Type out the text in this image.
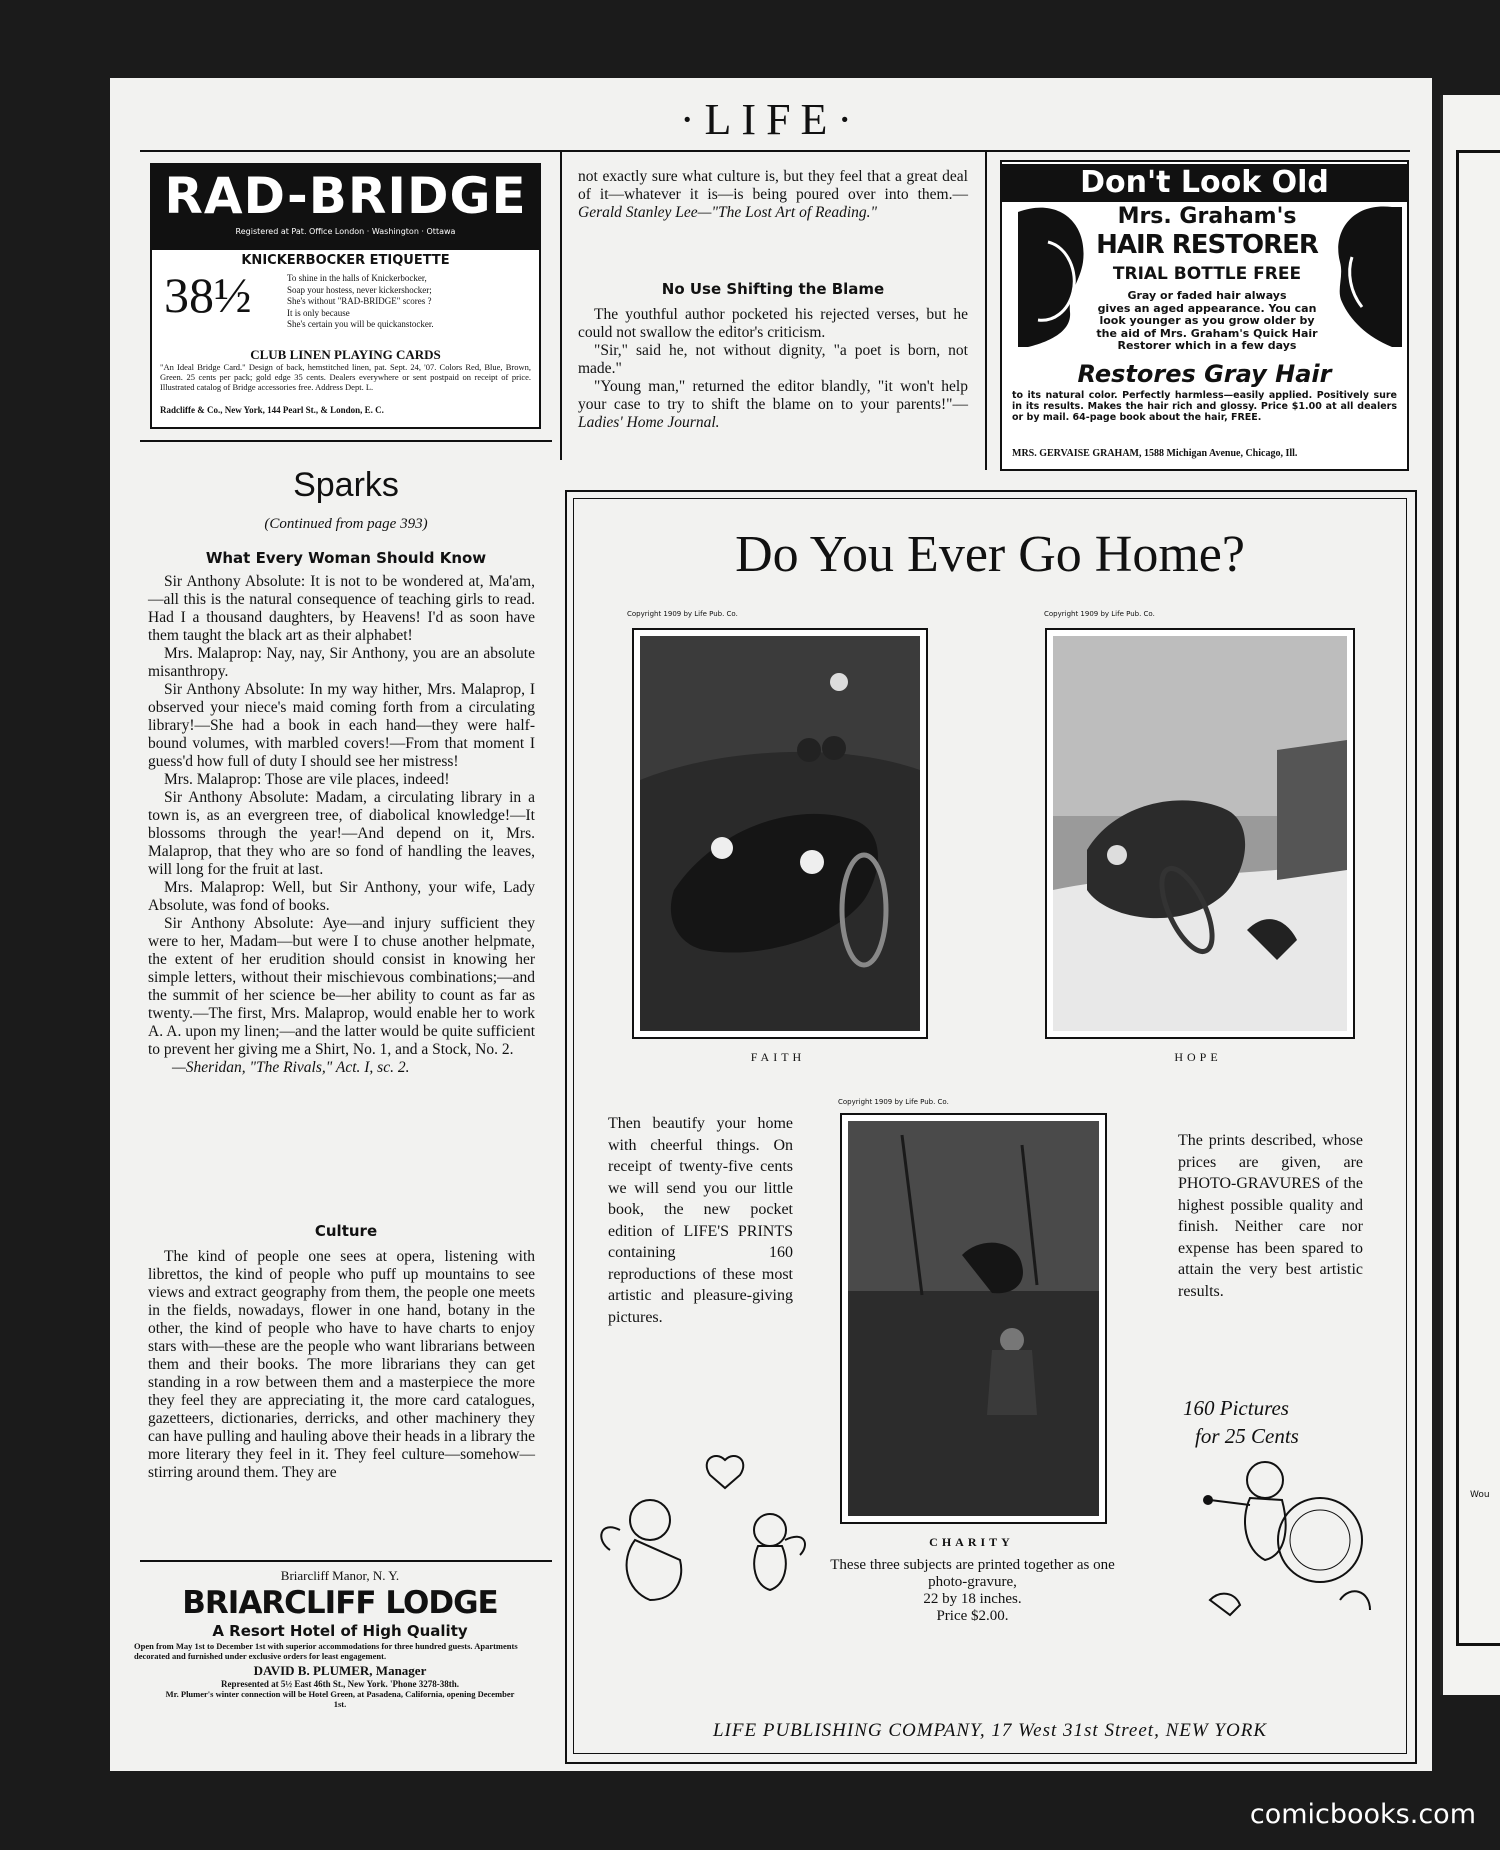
Wou
·LIFE·
RAD-BRIDGE
Registered at Pat. Office London · Washington · Ottawa
KNICKERBOCKER ETIQUETTE
38½	To shine in the halls of Knickerbocker,
Soap your hostess, never kickershocker;
She's without "RAD-BRIDGE" scores ?
It is only because
She's certain you will be quickanstocker.
CLUB LINEN PLAYING CARDS
"An Ideal Bridge Card." Design of back, hemstitched linen, pat. Sept. 24, '07. Colors Red, Blue, Brown, Green. 25 cents per pack; gold edge 35 cents. Dealers everywhere or sent postpaid on receipt of price. Illustrated catalog of Bridge accessories free. Address Dept. L.
Radcliffe & Co., New York, 144 Pearl St., & London, E. C.
not exactly sure what culture is, but they feel that a great deal of it—whatever it is—is being poured over into them.—Gerald Stanley Lee—"The Lost Art of Reading."
No Use Shifting the Blame

The youthful author pocketed his rejected verses, but he could not swallow the editor's criticism.

"Sir," said he, not without dignity, "a poet is born, not made."

"Young man," returned the editor blandly, "it won't help your case to try to shift the blame on to your parents!"—Ladies' Home Journal.

Don't Look Old
Mrs. Graham's
HAIR RESTORER
TRIAL BOTTLE FREE
Gray or faded hair always
gives an aged appearance. You can
look younger as you grow older by
the aid of Mrs. Graham's Quick Hair
Restorer which in a few days
Restores Gray Hair
to its natural color. Perfectly harmless—easily applied. Positively sure in its results. Makes the hair rich and glossy. Price $1.00 at all dealers or by mail. 64-page book about the hair, FREE.
MRS. GERVAISE GRAHAM, 1588 Michigan Avenue, Chicago, Ill.
Sparks
(Continued from page 393)
What Every Woman Should Know

Sir Anthony Absolute: It is not to be wondered at, Ma'am,—all this is the natural consequence of teaching girls to read. Had I a thousand daughters, by Heavens! I'd as soon have them taught the black art as their alphabet!

Mrs. Malaprop: Nay, nay, Sir Anthony, you are an absolute misanthropy.

Sir Anthony Absolute: In my way hither, Mrs. Malaprop, I observed your niece's maid coming forth from a circulating library!—She had a book in each hand—they were half-bound volumes, with marbled covers!—From that moment I guess'd how full of duty I should see her mistress!

Mrs. Malaprop: Those are vile places, indeed!

Sir Anthony Absolute: Madam, a circulating library in a town is, as an evergreen tree, of diabolical knowledge!—It blossoms through the year!—And depend on it, Mrs. Malaprop, that they who are so fond of handling the leaves, will long for the fruit at last.

Mrs. Malaprop: Well, but Sir Anthony, your wife, Lady Absolute, was fond of books.

Sir Anthony Absolute: Aye—and injury sufficient they were to her, Madam—but were I to chuse another helpmate, the extent of her erudition should consist in knowing her simple letters, without their mischievous combinations;—and the summit of her science be—her ability to count as far as twenty.—The first, Mrs. Malaprop, would enable her to work A. A. upon my linen;—and the latter would be quite sufficient to prevent her giving me a Shirt, No. 1, and a Stock, No. 2.

—Sheridan, "The Rivals," Act. I, sc. 2.

Culture

The kind of people one sees at opera, listening with librettos, the kind of people who puff up mountains to see views and extract geography from them, the people one meets in the fields, nowadays, flower in one hand, botany in the other, the kind of people who have to have charts to enjoy stars with—these are the people who want librarians between them and their books. The more librarians they can get standing in a row between them and a masterpiece the more they feel they are appreciating it, the more card catalogues, gazetteers, dictionaries, derricks, and other machinery they can have pulling and hauling above their heads in a library the more literary they feel in it. They feel culture—somehow—stirring around them. They are

Briarcliff Manor, N. Y.
BRIARCLIFF LODGE
A Resort Hotel of High Quality
Open from May 1st to December 1st with superior accommodations for three hundred guests. Apartments decorated and furnished under exclusive orders for least engagement.
DAVID B. PLUMER, Manager
Represented at 5½ East 46th St., New York. 'Phone 3278-38th.
Mr. Plumer's winter connection will be Hotel Green, at Pasadena, California, opening December 1st.
Do You Ever Go Home?
Copyright 1909 by Life Pub. Co.
FAITH
Copyright 1909 by Life Pub. Co.
HOPE
Then beautify your home with cheerful things. On receipt of twenty-five cents we will send you our little book, the new pocket edition of LIFE'S PRINTS containing 160 reproductions of these most artistic and pleasure-giving pictures.
Copyright 1909 by Life Pub. Co.
CHARITY
These three subjects are printed together as one photo-gravure,
22 by 18 inches.
Price $2.00.
The prints described, whose prices are given, are PHOTO-GRAVURES of the highest possible quality and finish. Neither care nor expense has been spared to attain the very best artistic results.
160 Pictures
for 25 Cents
LIFE PUBLISHING COMPANY, 17 West 31st Street, NEW YORK
comicbooks.com
